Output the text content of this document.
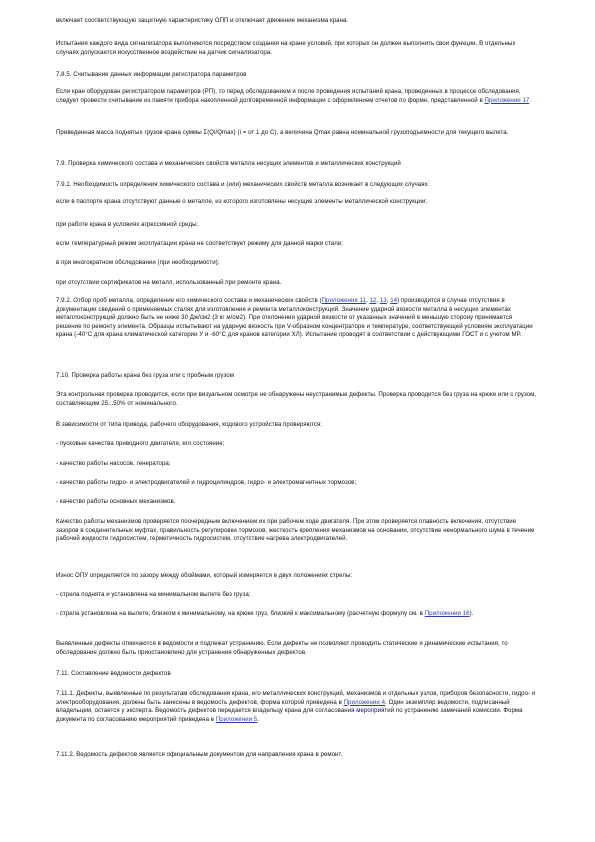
включает соответствующую защитную характеристику ОПП и отключает движение механизма крана.

Испытания каждого вида сигнализатора выполняются посредством создания на кране условий, при которых он должен выполнить свои функции. В отдельных случаях допускается искусственное воздействие на датчик сигнализатора.

7.8.5. Считывание данных информации регистратора параметров

Если кран оборудован регистратором параметров (РП), то перед обследованием и после проведения испытаний крана, проведенных в процессе обследования, следует провести считывание из памяти прибора накопленной долговременной информации с оформлением отчетов по форме, представленной в Приложении 17.

Приведенная масса поднятых грузов крана суммы Σ(Qi/Qmax) (i = от 1 до C), а величина Qmax равна номинальной грузоподъемности для текущего вылета.

7.9. Проверка химического состава и механических свойств металла несущих элементов и металлических конструкций

7.9.1. Необходимость определения химического состава и (или) механических свойств металла возникает в следующих случаях:

если в паспорте крана отсутствуют данные о металле, из которого изготовлены несущие элементы металлической конструкции;

при работе крана в условиях агрессивной среды;

если температурный режим эксплуатации крана не соответствует режиму для данной марки стали;

в при многократном обследовании (при необходимости);

при отсутствии сертификатов на металл, использованный при ремонте крана.

7.9.2. Отбор проб металла, определение его химического состава и механических свойств (Приложения 11, 12, 13, 14) производится в случае отсутствия в документации сведений о применяемых сталях для изготовления и ремонта металлоконструкций. Значение ударной вязкости металла в несущих элементах металлоконструкций должно быть не ниже 30 Дж/см2 (3 кг м/см2). При отклонении ударной вязкости от указанных значений в меньшую сторону принимается решение по ремонту элемента. Образцы испытывают на ударную вязкость при V-образном концентраторе и температуре, соответствующей условиям эксплуатации крана (-40°С для крана климатической категории У и -60°С для кранов категории ХЛ). Испытание проводят в соответствии с действующими ГОСТ и с учетом МР.

7.10. Проверка работы крана без груза или с пробным грузом

Эта контрольная проверка проводится, если при визуальном осмотре не обнаружены неустранимые дефекты. Проверка проводится без груза на крюке или с грузом, составляющим 25...50% от номинального.

В зависимости от типа привода, рабочего оборудования, ходового устройства проверяются:

- пусковые качества приводного двигателя, его состояние;

- качество работы насосов, генератора;

- качество работы гидро- и электродвигателей и гидроцилиндров, гидро- и электромагнитных тормозов;

- качество работы основных механизмов.

Качество работы механизмов проверяется поочередным включением их при рабочем ходе двигателя. При этом проверяется плавность включения, отсутствие зазоров в соединительных муфтах, правильность регулировки тормозов, жесткость крепления механизмов на основании, отсутствие ненормального шума в течение рабочей жидкости гидросистем, герметичность гидросистем, отсутствие нагрева электродвигателей.

Износ ОПУ определяется по зазору между обоймами, который измеряется в двух положениях стрелы:

- стрела поднята и установлена на минимальном вылете без груза;

- стрела установлена на вылете, близком к минимальному, на крюке груз, близкий к максимальному (расчетную формулу см. в Приложении 16).

Выявленные дефекты отмечаются в ведомости и подлежат устранению. Если дефекты не позволяют проводить статические и динамические испытания, то обследование должно быть приостановлено для устранения обнаруженных дефектов.

7.11. Составление ведомости дефектов

7.11.1. Дефекты, выявленные по результатам обследования крана, его металлических конструкций, механизмов и отдельных узлов, приборов безопасности, гидро- и электрооборудования, должны быть занесены в ведомость дефектов, форма которой приведена в Приложении 4. Один экземпляр ведомости, подписанный владельцем, остается у эксперта. Ведомость дефектов передается владельцу крана для согласования мероприятий по устранению замечаний комиссии. Форма документа по согласованию мероприятий приведена в Приложении 5.

7.11.2. Ведомость дефектов является официальным документом для направления крана в ремонт.
